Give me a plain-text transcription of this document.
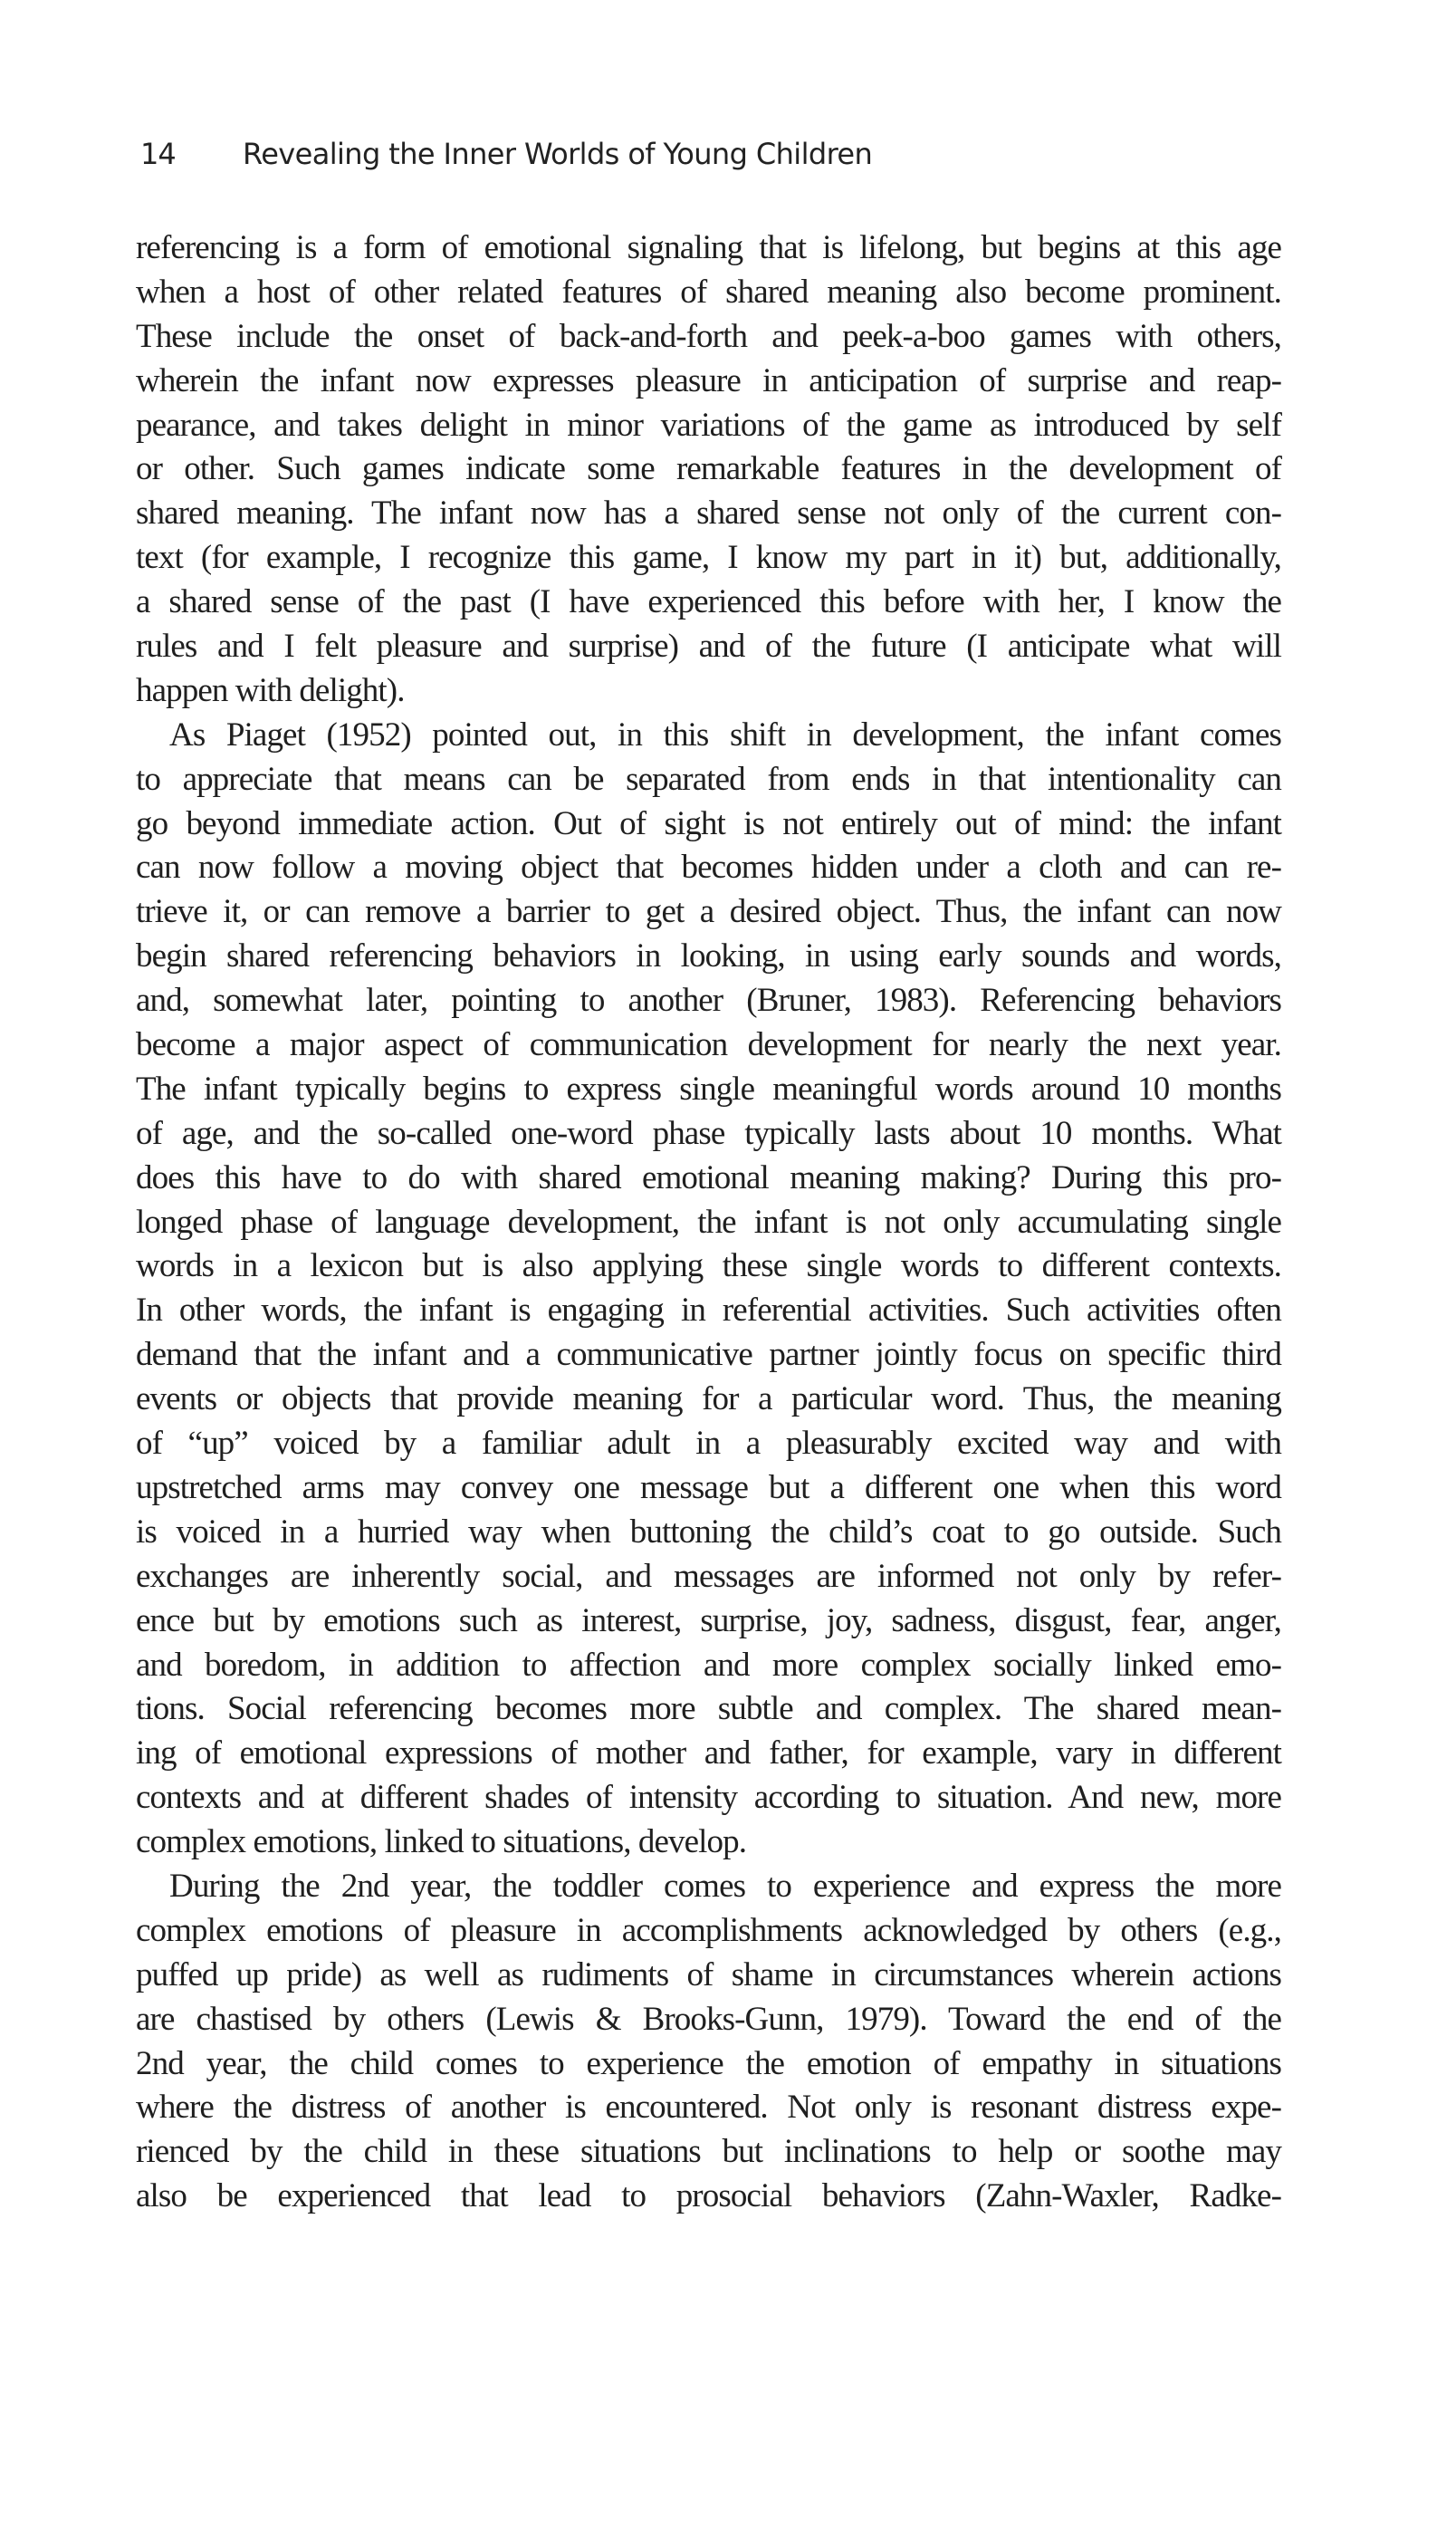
14 Revealing the Inner Worlds of Young Children
referencing is a form of emotional signaling that is lifelong, but begins at this age
when a host of other related features of shared meaning also become prominent.
These include the onset of back-and-forth and peek-a-boo games with others,
wherein the infant now expresses pleasure in anticipation of surprise and reap-
pearance, and takes delight in minor variations of the game as introduced by self
or other. Such games indicate some remarkable features in the development of
shared meaning. The infant now has a shared sense not only of the current con-
text (for example, I recognize this game, I know my part in it) but, additionally,
a shared sense of the past (I have experienced this before with her, I know the
rules and I felt pleasure and surprise) and of the future (I anticipate what will
happen with delight).
As Piaget (1952) pointed out, in this shift in development, the infant comes
to appreciate that means can be separated from ends in that intentionality can
go beyond immediate action. Out of sight is not entirely out of mind: the infant
can now follow a moving object that becomes hidden under a cloth and can re-
trieve it, or can remove a barrier to get a desired object. Thus, the infant can now
begin shared referencing behaviors in looking, in using early sounds and words,
and, somewhat later, pointing to another (Bruner, 1983). Referencing behaviors
become a major aspect of communication development for nearly the next year.
The infant typically begins to express single meaningful words around 10 months
of age, and the so-called one-word phase typically lasts about 10 months. What
does this have to do with shared emotional meaning making? During this pro-
longed phase of language development, the infant is not only accumulating single
words in a lexicon but is also applying these single words to different contexts.
In other words, the infant is engaging in referential activities. Such activities often
demand that the infant and a communicative partner jointly focus on specific third
events or objects that provide meaning for a particular word. Thus, the meaning
of “up” voiced by a familiar adult in a pleasurably excited way and with
upstretched arms may convey one message but a different one when this word
is voiced in a hurried way when buttoning the child’s coat to go outside. Such
exchanges are inherently social, and messages are informed not only by refer-
ence but by emotions such as interest, surprise, joy, sadness, disgust, fear, anger,
and boredom, in addition to affection and more complex socially linked emo-
tions. Social referencing becomes more subtle and complex. The shared mean-
ing of emotional expressions of mother and father, for example, vary in different
contexts and at different shades of intensity according to situation. And new, more
complex emotions, linked to situations, develop.
During the 2nd year, the toddler comes to experience and express the more
complex emotions of pleasure in accomplishments acknowledged by others (e.g.,
puffed up pride) as well as rudiments of shame in circumstances wherein actions
are chastised by others (Lewis & Brooks-Gunn, 1979). Toward the end of the
2nd year, the child comes to experience the emotion of empathy in situations
where the distress of another is encountered. Not only is resonant distress expe-
rienced by the child in these situations but inclinations to help or soothe may
also be experienced that lead to prosocial behaviors (Zahn-Waxler, Radke-
